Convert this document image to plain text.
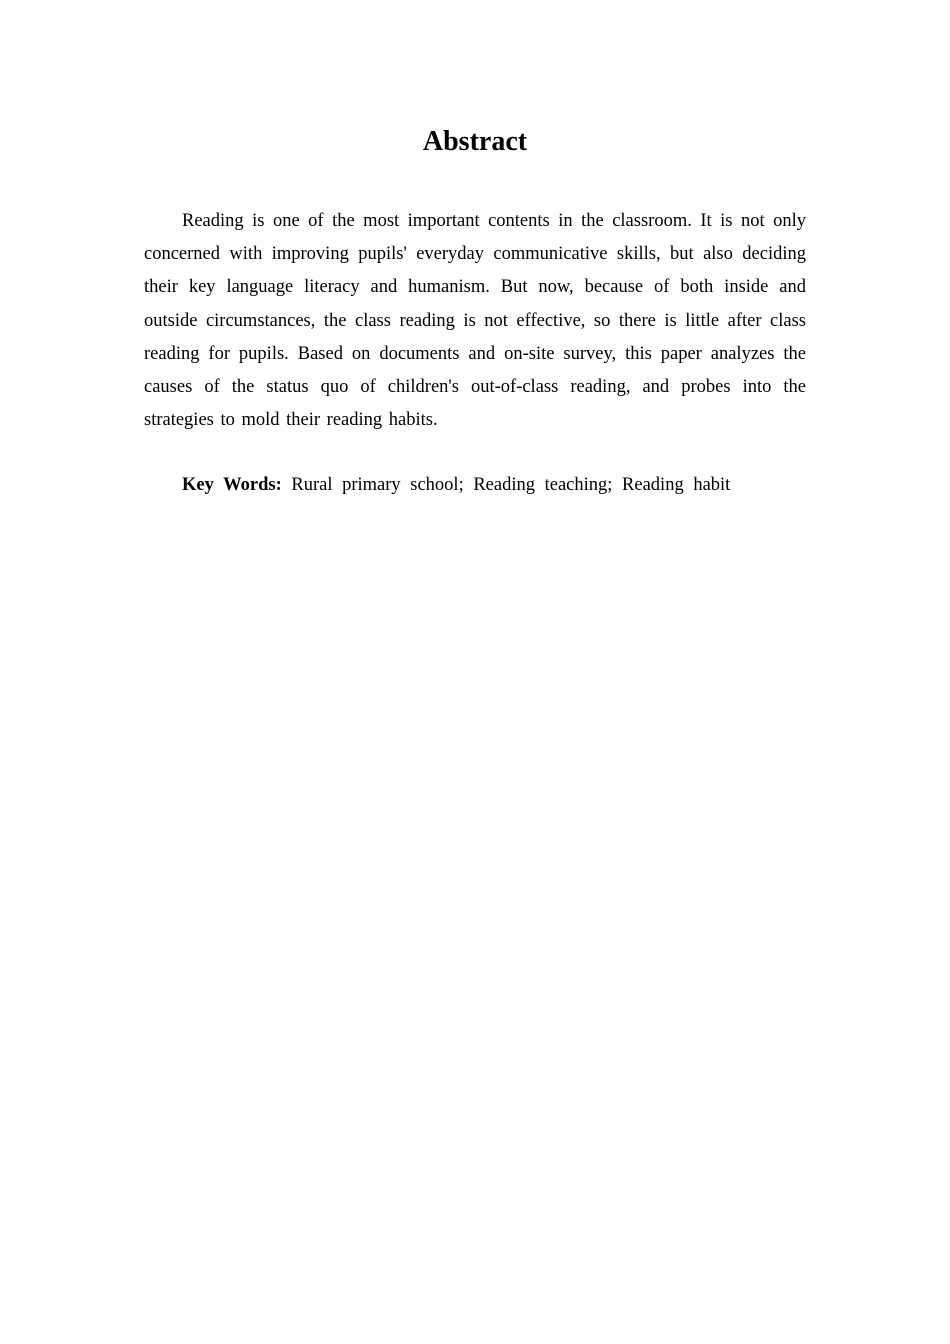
Abstract

Reading is one of the most important contents in the classroom. It is not only concerned with improving pupils' everyday communicative skills, but also deciding their key language literacy and humanism. But now, because of both inside and outside circumstances, the class reading is not effective, so there is little after class reading for pupils. Based on documents and on-site survey, this paper analyzes the causes of the status quo of children's out-of-class reading, and probes into the strategies to mold their reading habits.

Key Words: Rural primary school; Reading teaching; Reading habit
